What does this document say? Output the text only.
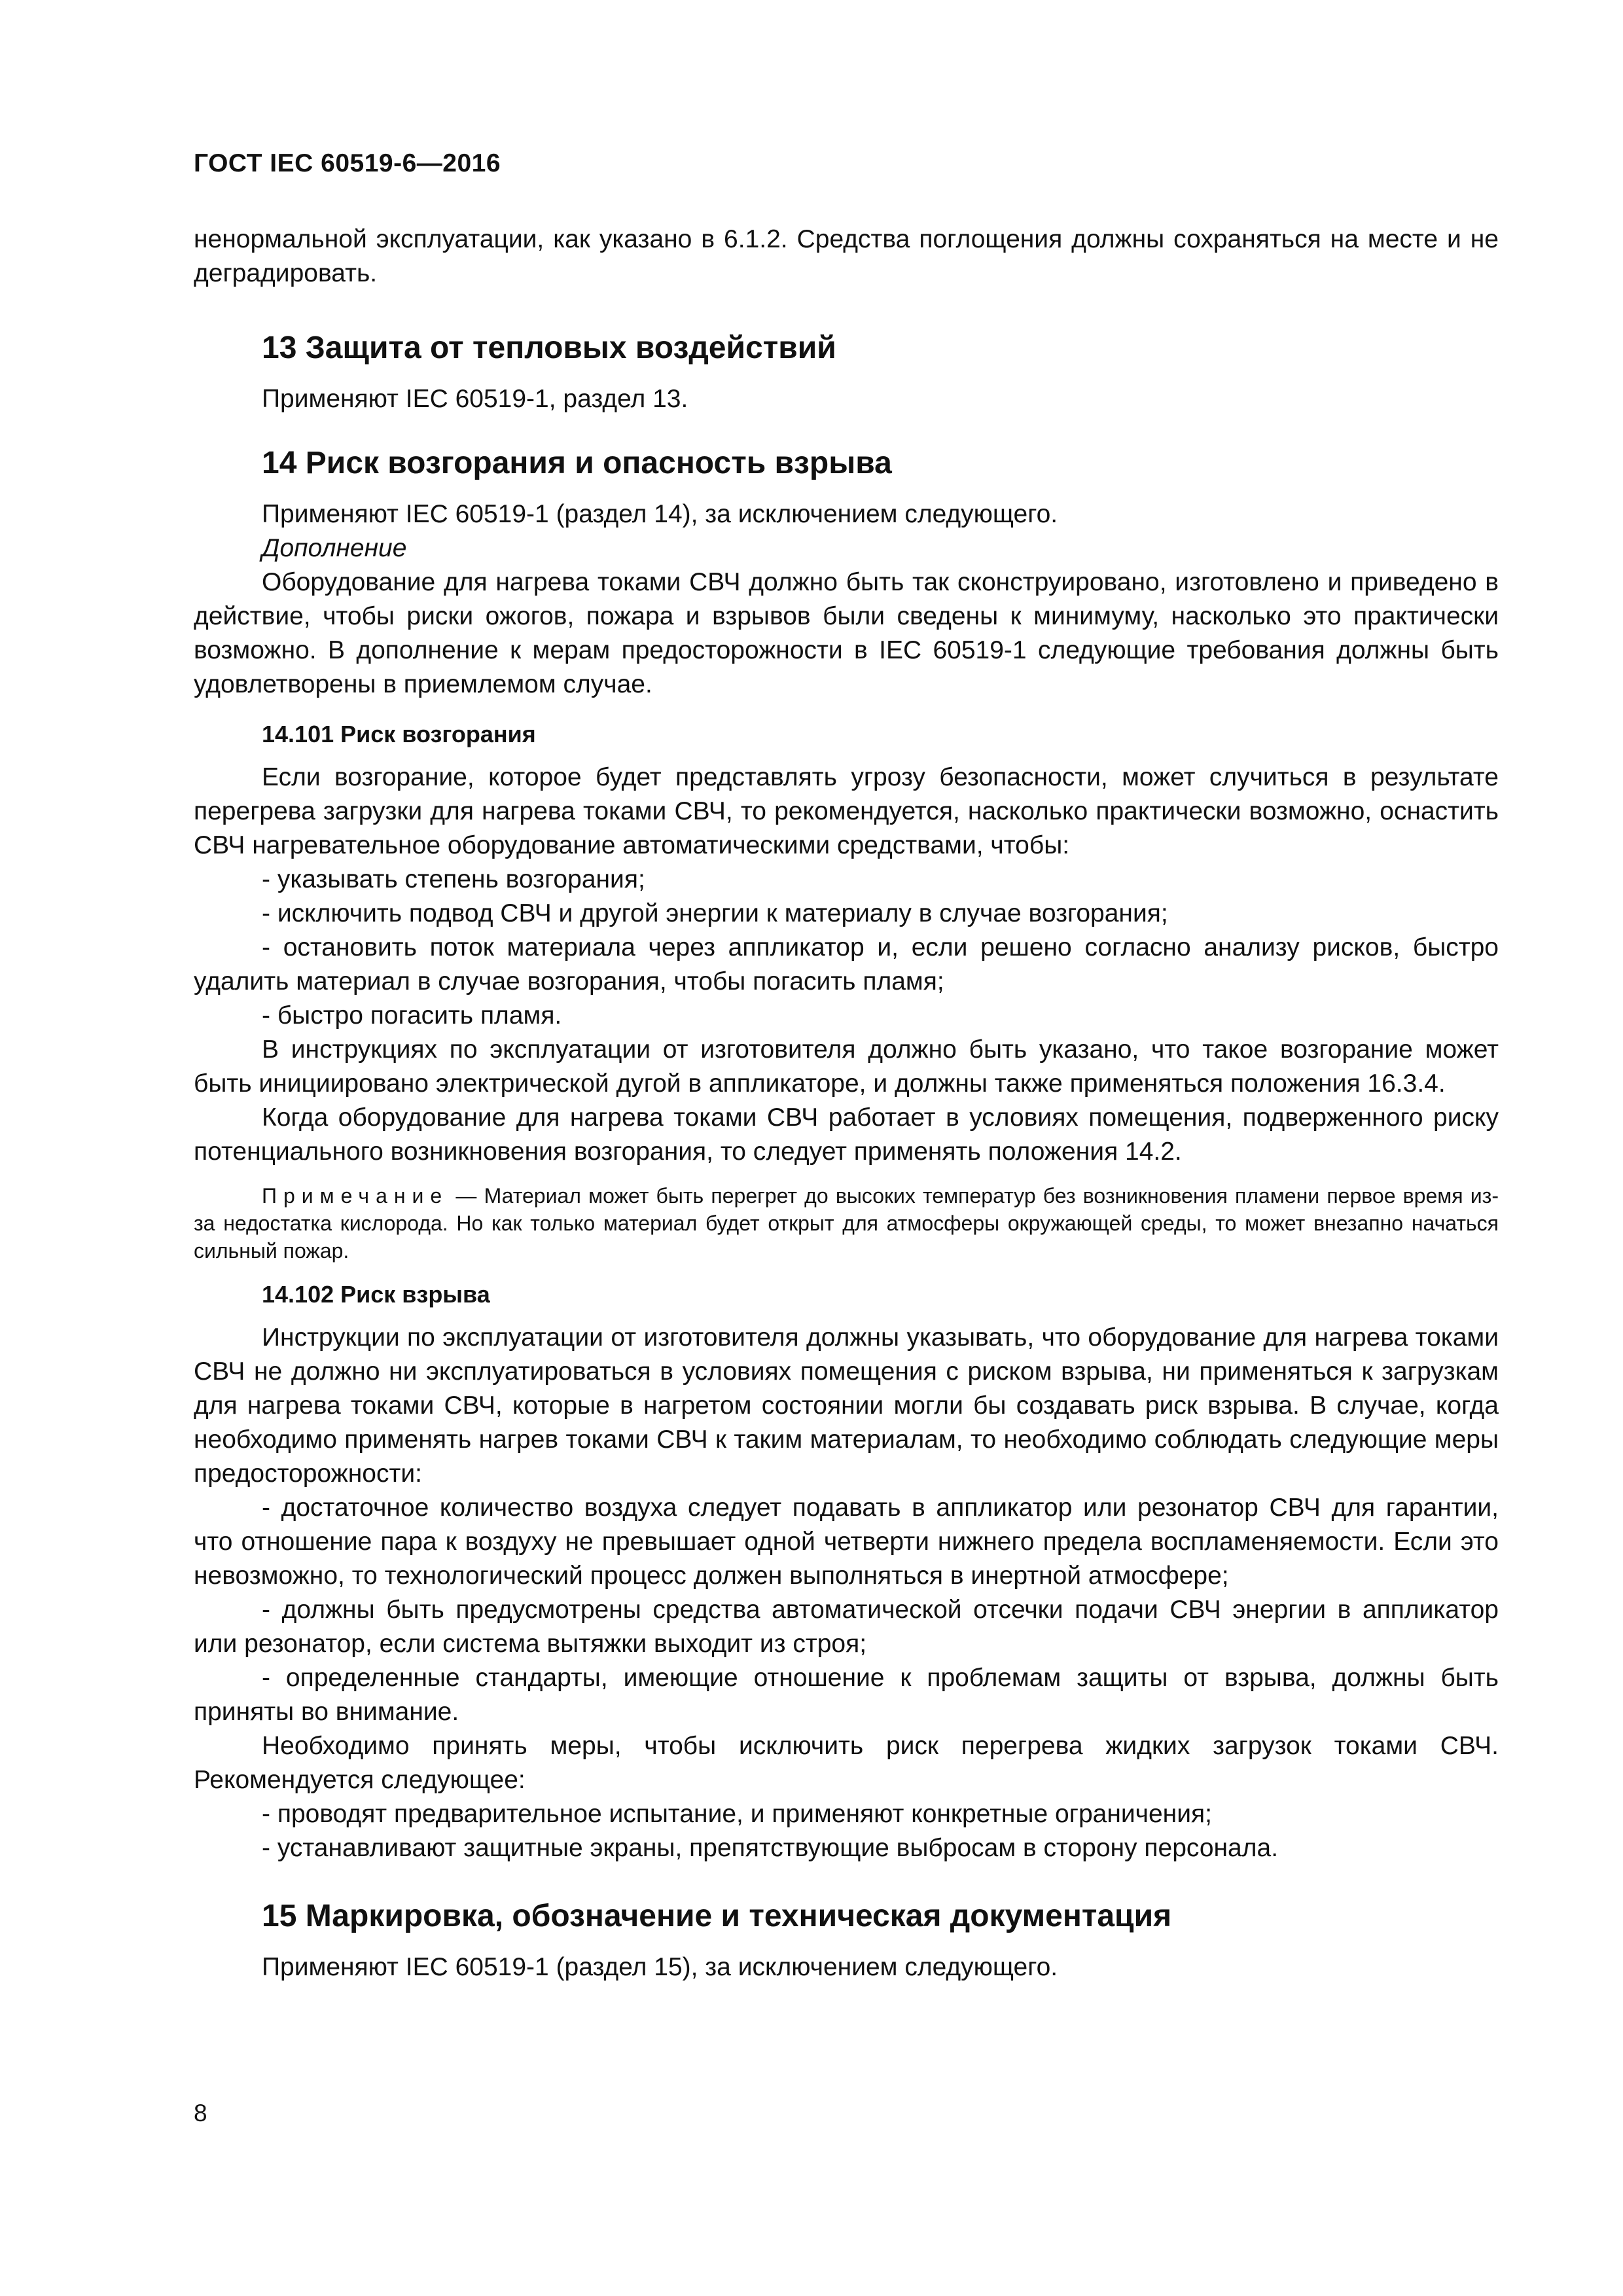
ГОСТ IEC 60519-6—2016

ненормальной эксплуатации, как указано в 6.1.2. Средства поглощения должны сохраняться на месте и не деградировать.

13 Защита от тепловых воздействий

Применяют IEC 60519-1, раздел 13.

14 Риск возгорания и опасность взрыва

Применяют IEC 60519-1 (раздел 14), за исключением следующего.

Дополнение

Оборудование для нагрева токами СВЧ должно быть так сконструировано, изготовлено и приведено в действие, чтобы риски ожогов, пожара и взрывов были сведены к минимуму, насколько это практически возможно. В дополнение к мерам предосторожности в IEC 60519-1 следующие требования должны быть удовлетворены в приемлемом случае.

14.101 Риск возгорания

Если возгорание, которое будет представлять угрозу безопасности, может случиться в результате перегрева загрузки для нагрева токами СВЧ, то рекомендуется, насколько практически возможно, оснастить СВЧ нагревательное оборудование автоматическими средствами, чтобы:

- указывать степень возгорания;

- исключить подвод СВЧ и другой энергии к материалу в случае возгорания;

- остановить поток материала через аппликатор и, если решено согласно анализу рисков, быстро удалить материал в случае возгорания, чтобы погасить пламя;

- быстро погасить пламя.

В инструкциях по эксплуатации от изготовителя должно быть указано, что такое возгорание может быть инициировано электрической дугой в аппликаторе, и должны также применяться положения 16.3.4.

Когда оборудование для нагрева токами СВЧ работает в условиях помещения, подверженного риску потенциального возникновения возгорания, то следует применять положения 14.2.

Примечание — Материал может быть перегрет до высоких температур без возникновения пламени первое время из-за недостатка кислорода. Но как только материал будет открыт для атмосферы окружающей среды, то может внезапно начаться сильный пожар.

14.102 Риск взрыва

Инструкции по эксплуатации от изготовителя должны указывать, что оборудование для нагрева токами СВЧ не должно ни эксплуатироваться в условиях помещения с риском взрыва, ни применяться к загрузкам для нагрева токами СВЧ, которые в нагретом состоянии могли бы создавать риск взрыва. В случае, когда необходимо применять нагрев токами СВЧ к таким материалам, то необходимо соблюдать следующие меры предосторожности:

- достаточное количество воздуха следует подавать в аппликатор или резонатор СВЧ для гарантии, что отношение пара к воздуху не превышает одной четверти нижнего предела воспламеняемости. Если это невозможно, то технологический процесс должен выполняться в инертной атмосфере;

- должны быть предусмотрены средства автоматической отсечки подачи СВЧ энергии в аппликатор или резонатор, если система вытяжки выходит из строя;

- определенные стандарты, имеющие отношение к проблемам защиты от взрыва, должны быть приняты во внимание.

Необходимо принять меры, чтобы исключить риск перегрева жидких загрузок токами СВЧ. Рекомендуется следующее:

- проводят предварительное испытание, и применяют конкретные ограничения;

- устанавливают защитные экраны, препятствующие выбросам в сторону персонала.

15 Маркировка, обозначение и техническая документация

Применяют IEC 60519-1 (раздел 15), за исключением следующего.

8
